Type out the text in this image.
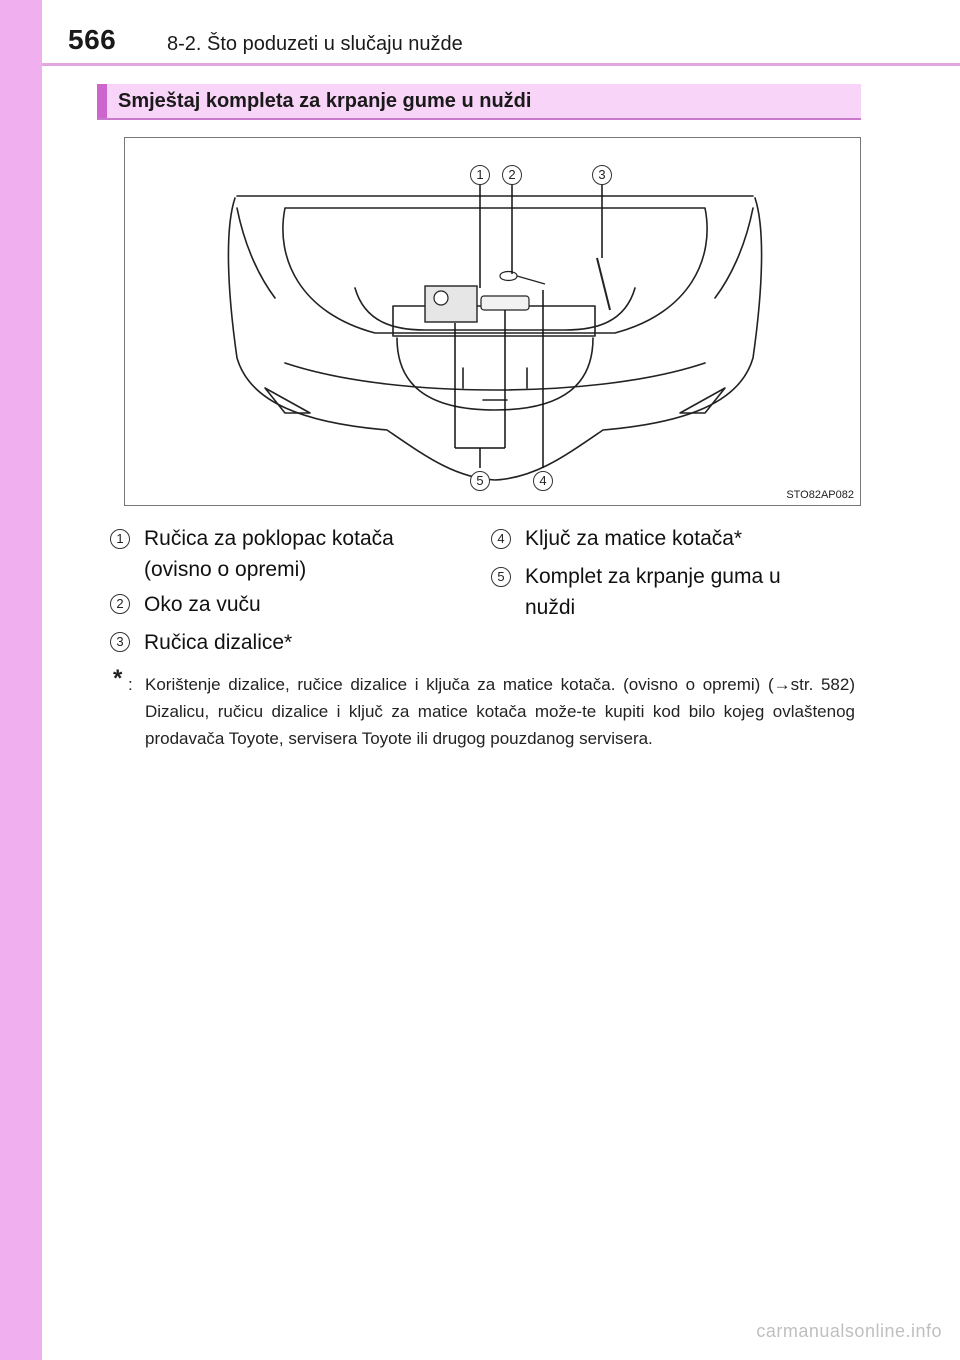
566	8-2. Što poduzeti u slučaju nužde
Smještaj kompleta za krpanje gume u nuždi
1	2	3
4
5
STO82AP082
1 Ručica za poklopac kotača (ovisno o opremi)
2 Oko za vuču
3 Ručica dizalice*
4 Ključ za matice kotača*
5 Komplet za krpanje guma u nuždi
* : Korištenje dizalice, ručice dizalice i ključa za matice kotača. (ovisno o opremi) (→str. 582) Dizalicu, ručicu dizalice i ključ za matice kotača može-te kupiti kod bilo kojeg ovlaštenog prodavača Toyote, servisera Toyote ili drugog pouzdanog servisera.
carmanualsonline.info
